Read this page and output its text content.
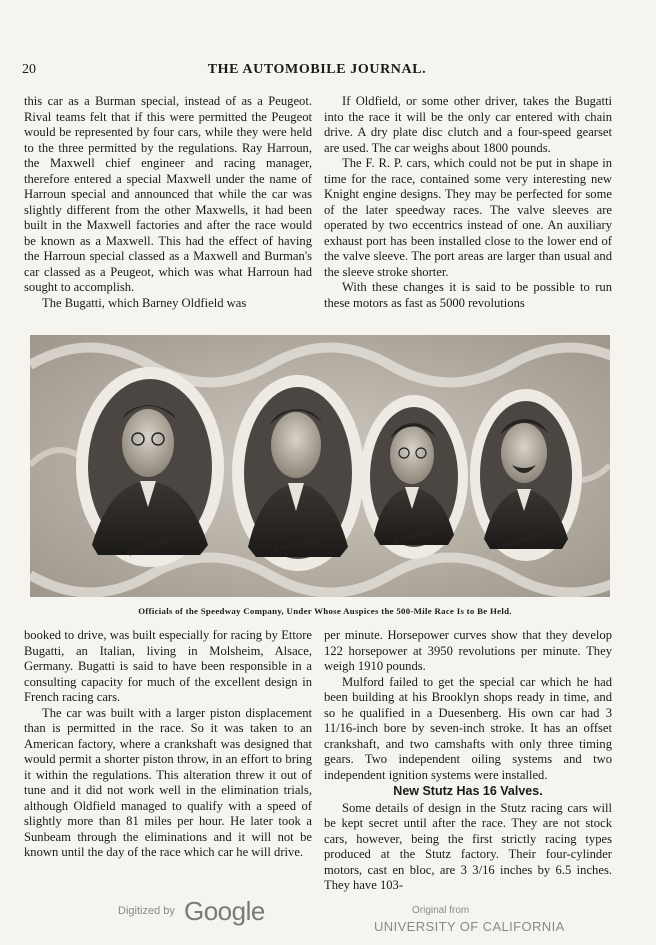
20	THE AUTOMOBILE JOURNAL.

this car as a Burman special, instead of as a Peugeot. Rival teams felt that if this were permitted the Peugeot would be represented by four cars, while they were held to the three permitted by the regulations. Ray Harroun, the Maxwell chief engineer and racing manager, therefore entered a special Maxwell under the name of Harroun special and announced that while the car was slightly different from the other Maxwells, it had been built in the Maxwell factories and after the race would be known as a Maxwell. This had the effect of having the Harroun special classed as a Maxwell and Burman's car classed as a Peugeot, which was what Harroun had sought to accomplish.

The Bugatti, which Barney Oldfield was

If Oldfield, or some other driver, takes the Bugatti into the race it will be the only car entered with chain drive. A dry plate disc clutch and a four-speed gearset are used. The car weighs about 1800 pounds.

The F. R. P. cars, which could not be put in shape in time for the race, contained some very interesting new Knight engine designs. They may be perfected for some of the later speedway races. The valve sleeves are operated by two eccentrics instead of one. An auxiliary exhaust port has been installed close to the lower end of the valve sleeve. The port areas are larger than usual and the sleeve stroke shorter.

With these changes it is said to be possible to run these motors as fast as 5000 revolutions

C.G.FISHER	J.A.ALLISON	A.C.NEWBY	F.H.WHEELER
Officials of the Speedway Company, Under Whose Auspices the 500-Mile Race Is to Be Held.

booked to drive, was built especially for racing by Ettore Bugatti, an Italian, living in Molsheim, Alsace, Germany. Bugatti is said to have been responsible in a consulting capacity for much of the excellent design in French racing cars.

The car was built with a larger piston displacement than is permitted in the race. So it was taken to an American factory, where a crankshaft was designed that would permit a shorter piston throw, in an effort to bring it within the regulations. This alteration threw it out of tune and it did not work well in the elimination trials, although Oldfield managed to qualify with a speed of slightly more than 81 miles per hour. He later took a Sunbeam through the eliminations and it will not be known until the day of the race which car he will drive.

per minute. Horsepower curves show that they develop 122 horsepower at 3950 revolutions per minute. They weigh 1910 pounds.

Mulford failed to get the special car which he had been building at his Brooklyn shops ready in time, and so he qualified in a Duesenberg. His own car had 3 11/16-inch bore by seven-inch stroke. It has an offset crankshaft, and two camshafts with only three timing gears. Two independent oiling systems and two independent ignition systems were installed.

New Stutz Has 16 Valves.

Some details of design in the Stutz racing cars will be kept secret until after the race. They are not stock cars, however, being the first strictly racing types produced at the Stutz factory. Their four-cylinder motors, cast en bloc, are 3 3/16 inches by 6.5 inches. They have 103-

Digitized by Google	Original from
UNIVERSITY OF CALIFORNIA
